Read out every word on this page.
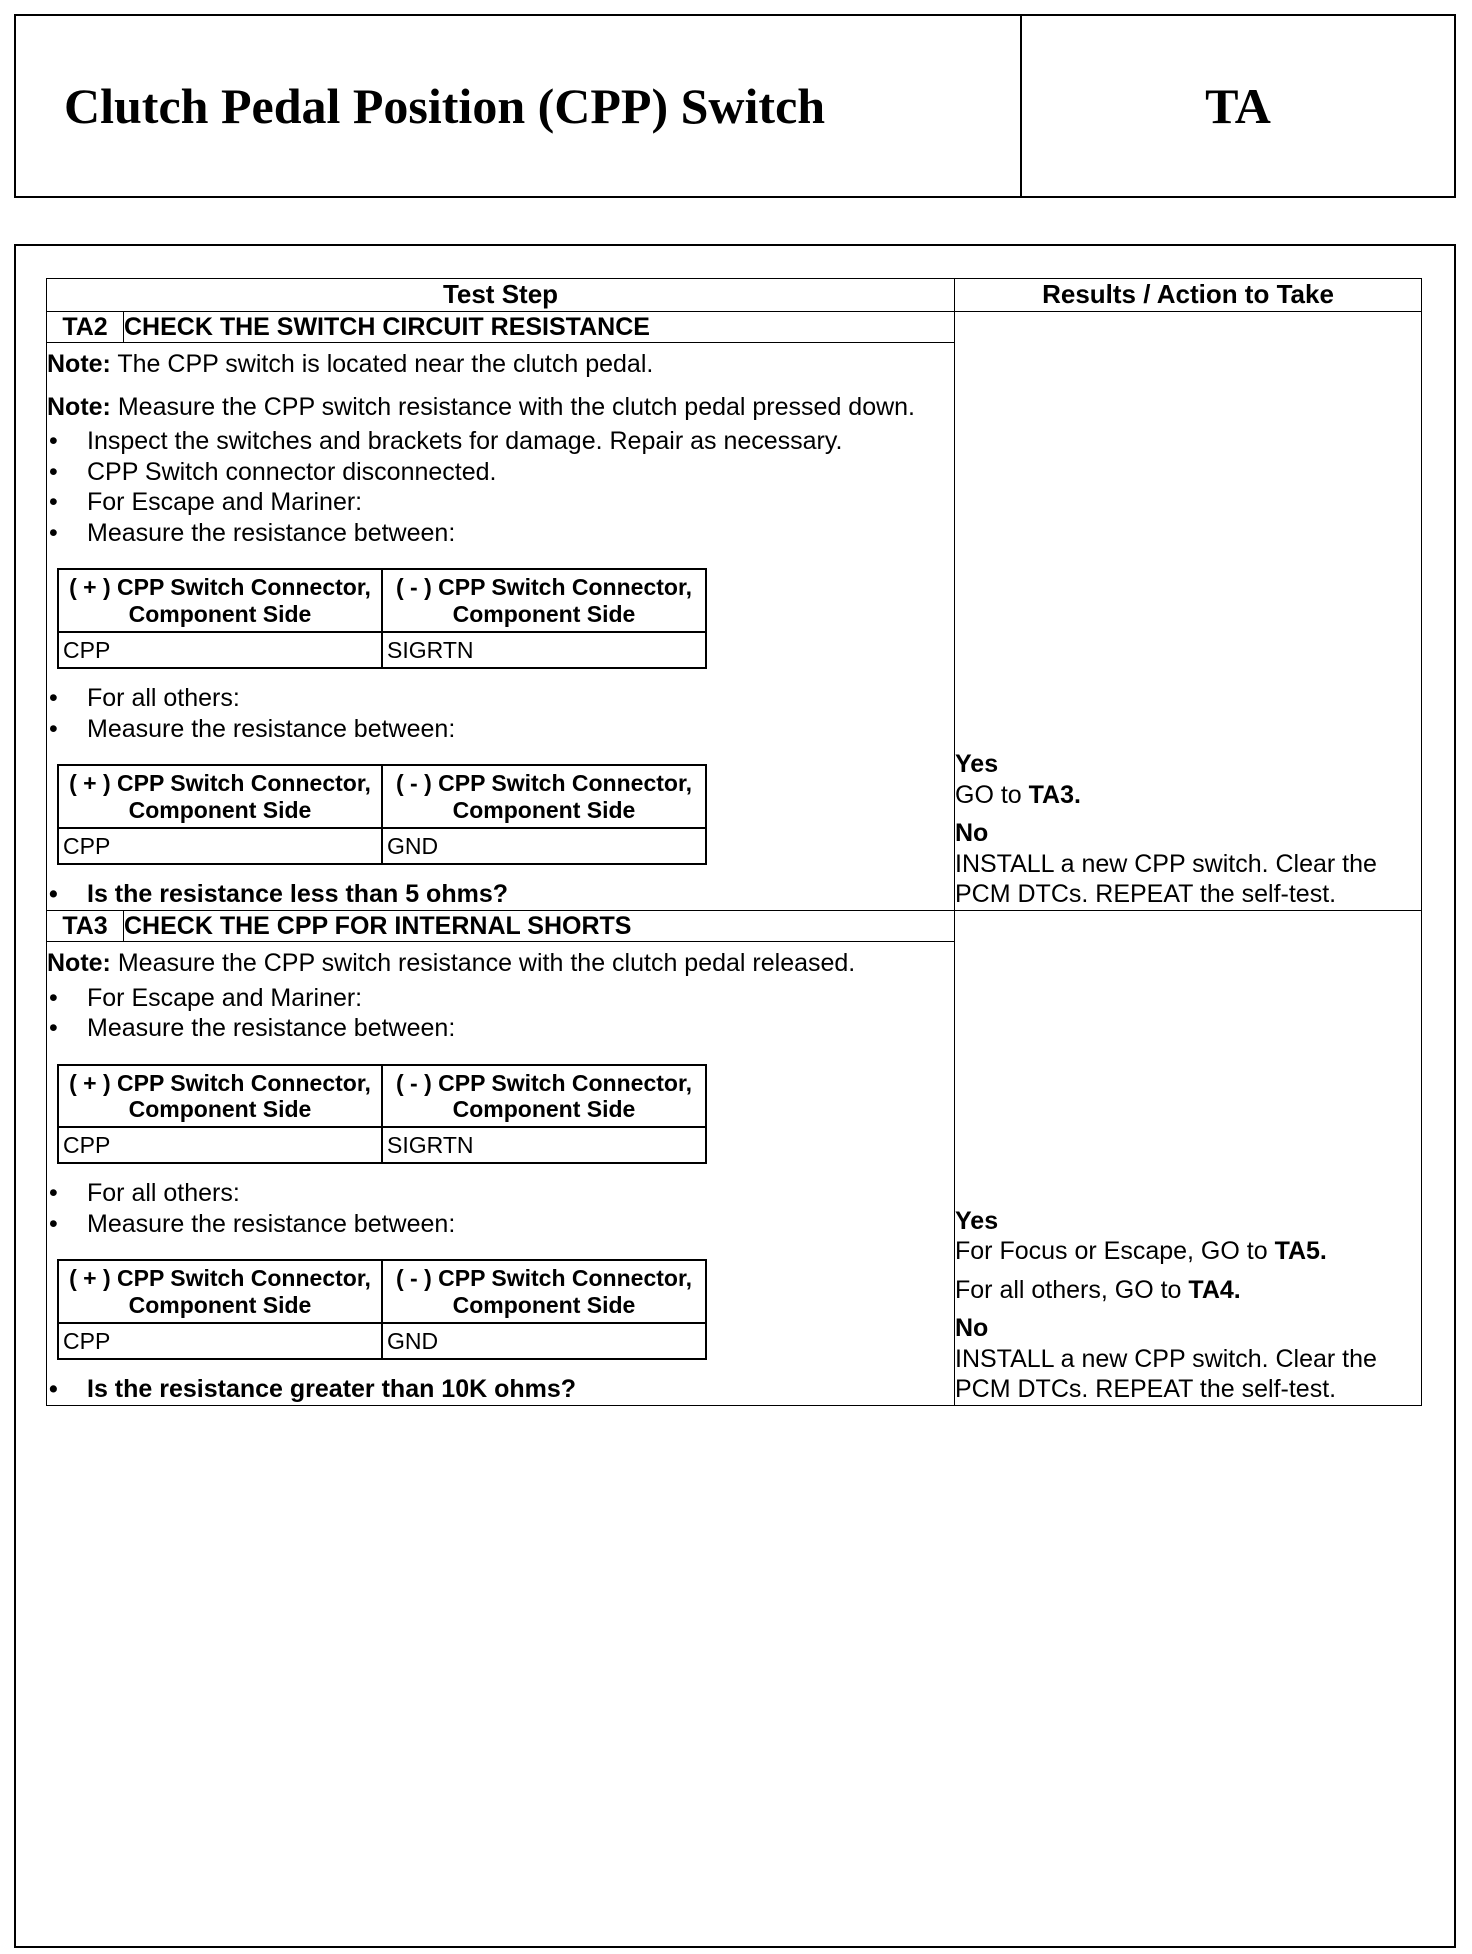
Clutch Pedal Position (CPP) Switch	TA
Test Step	Results / Action to Take
TA2	CHECK THE SWITCH CIRCUIT RESISTANCE	

Yes

GO to TA3.

No

INSTALL a new CPP switch. Clear the PCM DTCs. REPEAT the self-test.

Note: The CPP switch is located near the clutch pedal.

Note: Measure the CPP switch resistance with the clutch pedal pressed down.

• Inspect the switches and brackets for damage. Repair as necessary.
• CPP Switch connector disconnected.
• For Escape and Mariner:
• Measure the resistance between:
( + ) CPP Switch Connector, Component Side	( - ) CPP Switch Connector, Component Side
CPP	SIGRTN
• For all others:
• Measure the resistance between:
( + ) CPP Switch Connector, Component Side	( - ) CPP Switch Connector, Component Side
CPP	GND
• Is the resistance less than 5 ohms?

TA3	CHECK THE CPP FOR INTERNAL SHORTS	

Yes

For Focus or Escape, GO to TA5.

For all others, GO to TA4.

No

INSTALL a new CPP switch. Clear the PCM DTCs. REPEAT the self-test.

Note: Measure the CPP switch resistance with the clutch pedal released.

• For Escape and Mariner:
• Measure the resistance between:
( + ) CPP Switch Connector, Component Side	( - ) CPP Switch Connector, Component Side
CPP	SIGRTN
• For all others:
• Measure the resistance between:
( + ) CPP Switch Connector, Component Side	( - ) CPP Switch Connector, Component Side
CPP	GND
• Is the resistance greater than 10K ohms?
